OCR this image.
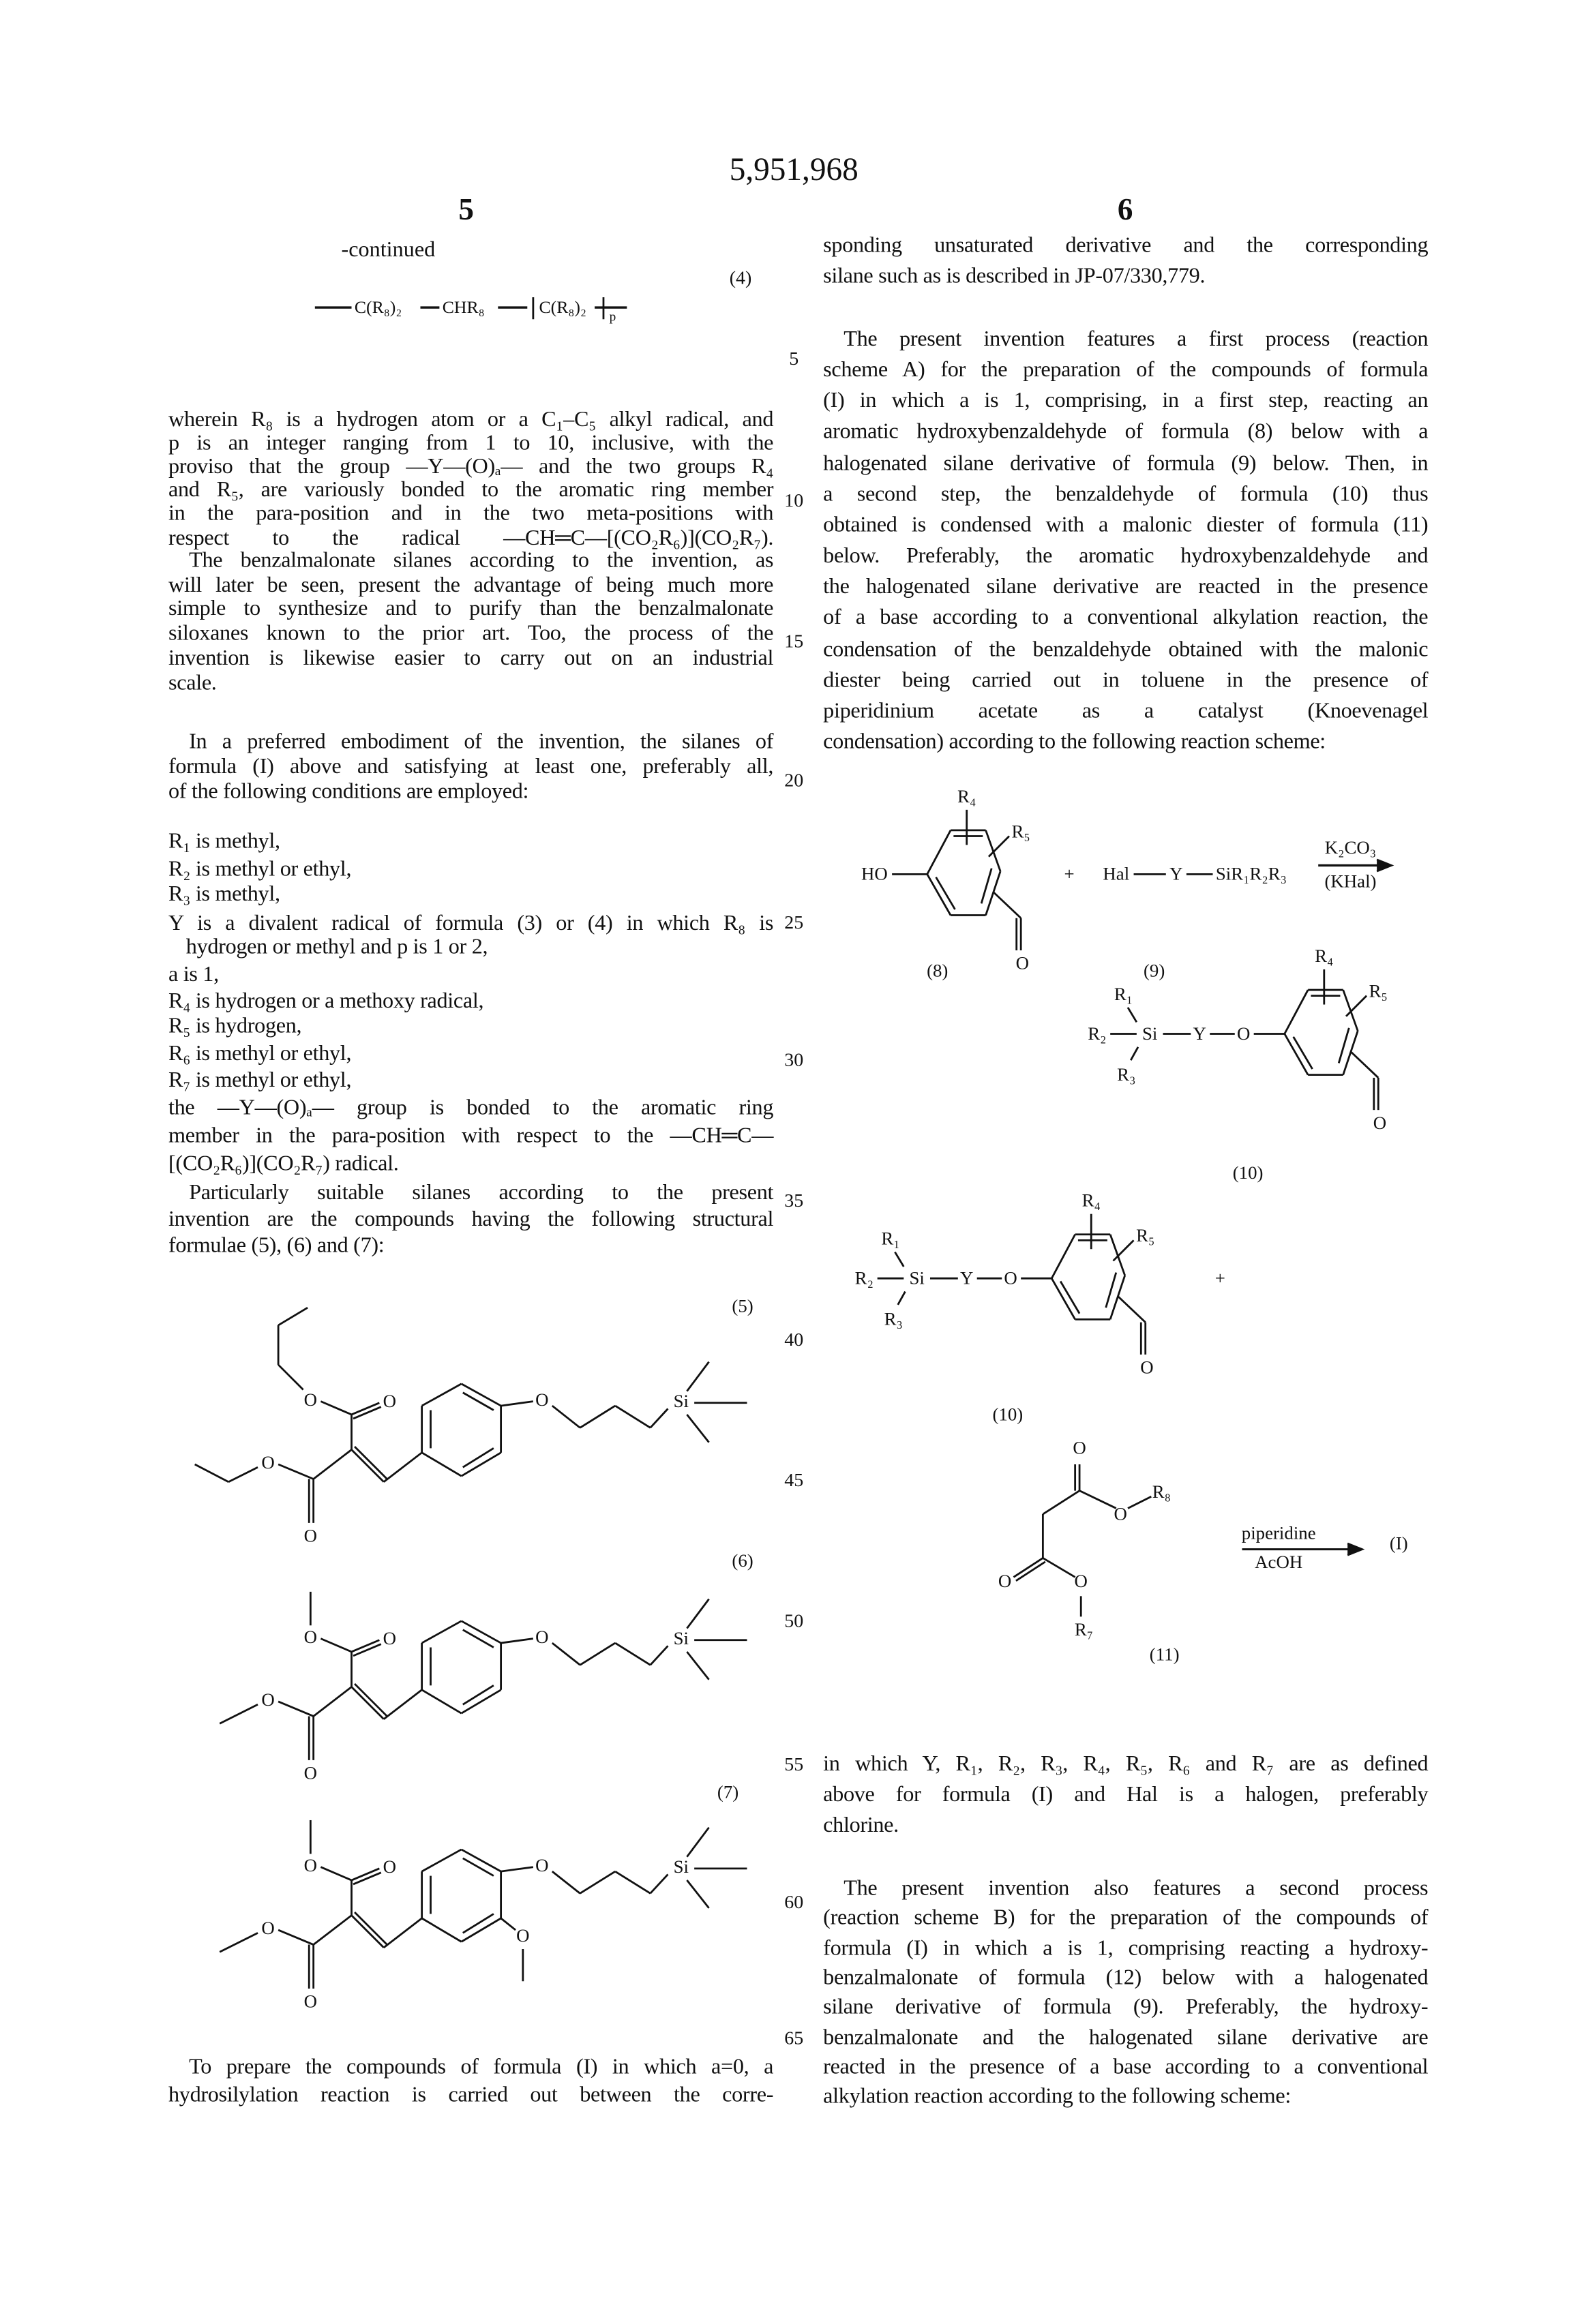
5,951,968
5	6
-continued
(4)
wherein R₈ is a hydrogen atom or a C₁–C₅ alkyl radical, and
p is an integer ranging from 1 to 10, inclusive, with the
proviso that the group —Y—(O)ₐ— and the two groups R₄
and R₅, are variously bonded to the aromatic ring member
in the para-position and in the two meta-positions with
respect to the radical —CH═C—[(CO₂R₆)](CO₂R₇).
The benzalmalonate silanes according to the invention, as
will later be seen, present the advantage of being much more
simple to synthesize and to purify than the benzalmalonate
siloxanes known to the prior art. Too, the process of the
invention is likewise easier to carry out on an industrial
scale.
In a preferred embodiment of the invention, the silanes of
formula (I) above and satisfying at least one, preferably all,
of the following conditions are employed:
R₁ is methyl,
R₂ is methyl or ethyl,
R₃ is methyl,
Y is a divalent radical of formula (3) or (4) in which R₈ is
hydrogen or methyl and p is 1 or 2,
a is 1,
R₄ is hydrogen or a methoxy radical,
R₅ is hydrogen,
R₆ is methyl or ethyl,
R₇ is methyl or ethyl,
the —Y—(O)ₐ— group is bonded to the aromatic ring
member in the para-position with respect to the —CH═C—
[(CO₂R₆)](CO₂R₇) radical.
Particularly suitable silanes according to the present
invention are the compounds having the following structural
formulae (5), (6) and (7):
To prepare the compounds of formula (I) in which a=0, a
hydrosilylation reaction is carried out between the corre-
sponding unsaturated derivative and the corresponding
silane such as is described in JP-07/330,779.
The present invention features a first process (reaction
scheme A) for the preparation of the compounds of formula
(I) in which a is 1, comprising, in a first step, reacting an
aromatic hydroxybenzaldehyde of formula (8) below with a
halogenated silane derivative of formula (9) below. Then, in
a second step, the benzaldehyde of formula (10) thus
obtained is condensed with a malonic diester of formula (11)
below. Preferably, the aromatic hydroxybenzaldehyde and
the halogenated silane derivative are reacted in the presence
of a base according to a conventional alkylation reaction, the
condensation of the benzaldehyde obtained with the malonic
diester being carried out in toluene in the presence of
piperidinium acetate as a catalyst (Knoevenagel
condensation) according to the following reaction scheme:
in which Y, R₁, R₂, R₃, R₄, R₅, R₆ and R₇ are as defined
above for formula (I) and Hal is a halogen, preferably
chlorine.
The present invention also features a second process
(reaction scheme B) for the preparation of the compounds of
formula (I) in which a is 1, comprising reacting a hydroxy-
benzalmalonate of formula (12) below with a halogenated
silane derivative of formula (9). Preferably, the hydroxy-
benzalmalonate and the halogenated silane derivative are
reacted in the presence of a base according to a conventional
alkylation reaction according to the following scheme:
5
10
15
20
25
30
35
40
45
50
55
60
65
C(R₈)₂	CHR₈	C(R₈)₂	p
HO
R₄
R₅
O
+	Hal	Y	SiR₁R₂R₃
K₂CO₃
(KHal)
(8)	(9)
R₁
R₂	Si
R₃
Y	O
R₄
R₅
O
(10)
R₁
R₂	Si
R₃
Y	O
R₄
R₅
O
+
(10)
O
O
R₈
O	O
R₇
(11)
piperidine
AcOH
(I)
O
O
O
O
O	Si
O
O
O
O
O	Si
O
O
O
O
O	Si
O
(5)
(6)
(7)
